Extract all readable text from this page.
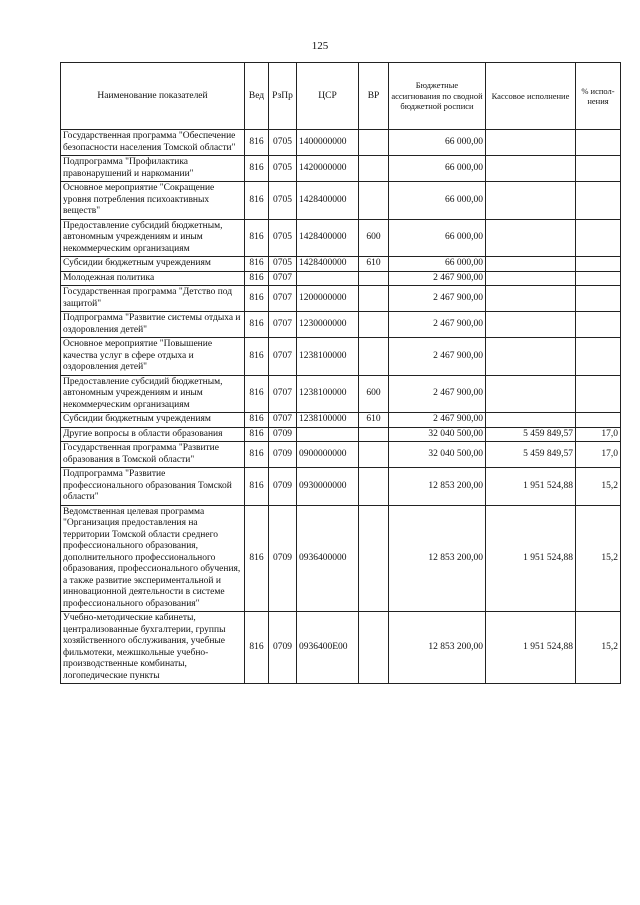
125
Наименование показателей	Вед	РзПр	ЦСР	ВР	Бюджетные ассигнования по сводной бюджетной росписи	Кассовое исполнение	% испол-нения
Государственная программа "Обеспечение безопасности населения Томской области"	816	0705	1400000000		66 000,00		
Подпрограмма "Профилактика правонарушений и наркомании"	816	0705	1420000000		66 000,00		
Основное мероприятие "Сокращение уровня потребления психоактивных веществ"	816	0705	1428400000		66 000,00		
Предоставление субсидий бюджетным, автономным учреждениям и иным некоммерческим организациям	816	0705	1428400000	600	66 000,00		
Субсидии бюджетным учреждениям	816	0705	1428400000	610	66 000,00		
Молодежная политика	816	0707			2 467 900,00		
Государственная программа "Детство под защитой"	816	0707	1200000000		2 467 900,00		
Подпрограмма "Развитие системы отдыха и оздоровления детей"	816	0707	1230000000		2 467 900,00		
Основное мероприятие "Повышение качества услуг в сфере отдыха и оздоровления детей"	816	0707	1238100000		2 467 900,00		
Предоставление субсидий бюджетным, автономным учреждениям и иным некоммерческим организациям	816	0707	1238100000	600	2 467 900,00		
Субсидии бюджетным учреждениям	816	0707	1238100000	610	2 467 900,00		
Другие вопросы в области образования	816	0709			32 040 500,00	5 459 849,57	17,0
Государственная программа "Развитие образования в Томской области"	816	0709	0900000000		32 040 500,00	5 459 849,57	17,0
Подпрограмма "Развитие профессионального образования Томской области"	816	0709	0930000000		12 853 200,00	1 951 524,88	15,2
Ведомственная целевая программа "Организация предоставления на территории Томской области среднего профессионального образования, дополнительного профессионального образования, профессионального обучения, а также развитие экспериментальной и инновационной деятельности в системе профессионального образования"	816	0709	0936400000		12 853 200,00	1 951 524,88	15,2
Учебно-методические кабинеты, централизованные бухгалтерии, группы хозяйственного обслуживания, учебные фильмотеки, межшкольные учебно-производственные комбинаты, логопедические пункты	816	0709	0936400Е00		12 853 200,00	1 951 524,88	15,2
